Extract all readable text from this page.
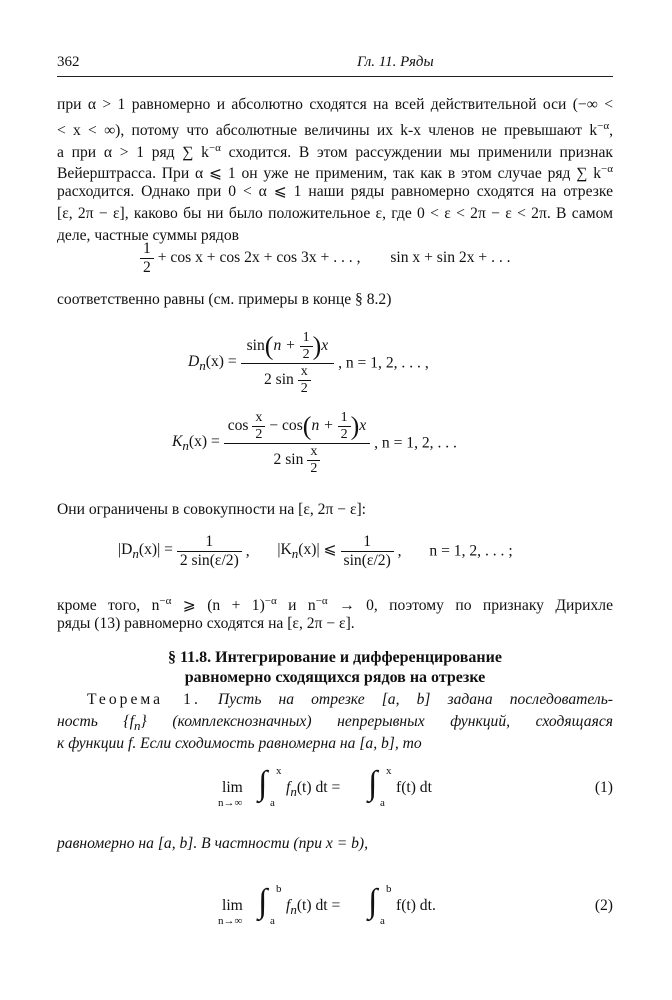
362	Гл. 11. Ряды
при α > 1 равномерно и абсолютно сходятся на всей действительной оси (−∞ <
< x < ∞), потому что абсолютные величины их k-х членов не превышают $k^{-\alpha}$,
а при α > 1 ряд ∑ $k^{-\alpha}$ сходится. В этом рассуждении мы применили признак
Вейерштрасса. При α ⩽ 1 он уже не применим, так как в этом случае ряд ∑ $k^{-\alpha}$
расходится. Однако при 0 < α ⩽ 1 наши ряды равномерно сходятся на отрезке
[ε, 2π − ε], каково бы ни было положительное ε, где 0 < ε < 2π − ε < 2π. В самом
деле, частные суммы рядов
$\frac{1}{2} + \cos x + \cos 2x + \cos 3x$ + . . . , sin x + sin 2x + . . .
соответственно равны (см. примеры в конце § 8.2)
$D_n(x) = \frac{\sin(n + \frac{1}{2} )x}{2 \sin \frac{x}{2}}$ , n = 1, 2, . . . ,
$K_n(x) = \frac{\cos \frac{x}{2} - \cos(n + \frac{1}{2} )x}{2 \sin \frac{x}{2}}$ , n = 1, 2, . . .
Они ограничены в совокупности на [ε, 2π − ε]:
$|D_n(x)| = \frac{1}{2 \sin(\varepsilon/2)}$ , $|K_n(x)|$ ⩽ $\frac{1}{\sin(\varepsilon/2)}$ , n = 1, 2, . . . ;
кроме того, $n^{-\alpha}$ ⩾ $(n + 1)^{-\alpha}$ и $n^{-\alpha} \to 0$, поэтому по признаку Дирихле
ряды (13) равномерно сходятся на [ε, 2π − ε].
§ 11.8. Интегрирование и дифференцирование
равномерно сходящихся рядов на отрезке
Теорема 1. Пусть на отрезке [a, b] задана последователь-
ность $\{f_n\}$ (комплекснозначных) непрерывных функций, сходящаяся
к функции f. Если сходимость равномерна на [a, b], то
lim
n→∞
∫ x
a
$f_n(t)$ dt = ∫ x
a
f(t) dt	(1)
равномерно на [a, b]. В частности (при x = b),
lim
n→∞
∫ b
a
$f_n(t)$ dt = ∫ b
a
f(t) dt.	(2)
